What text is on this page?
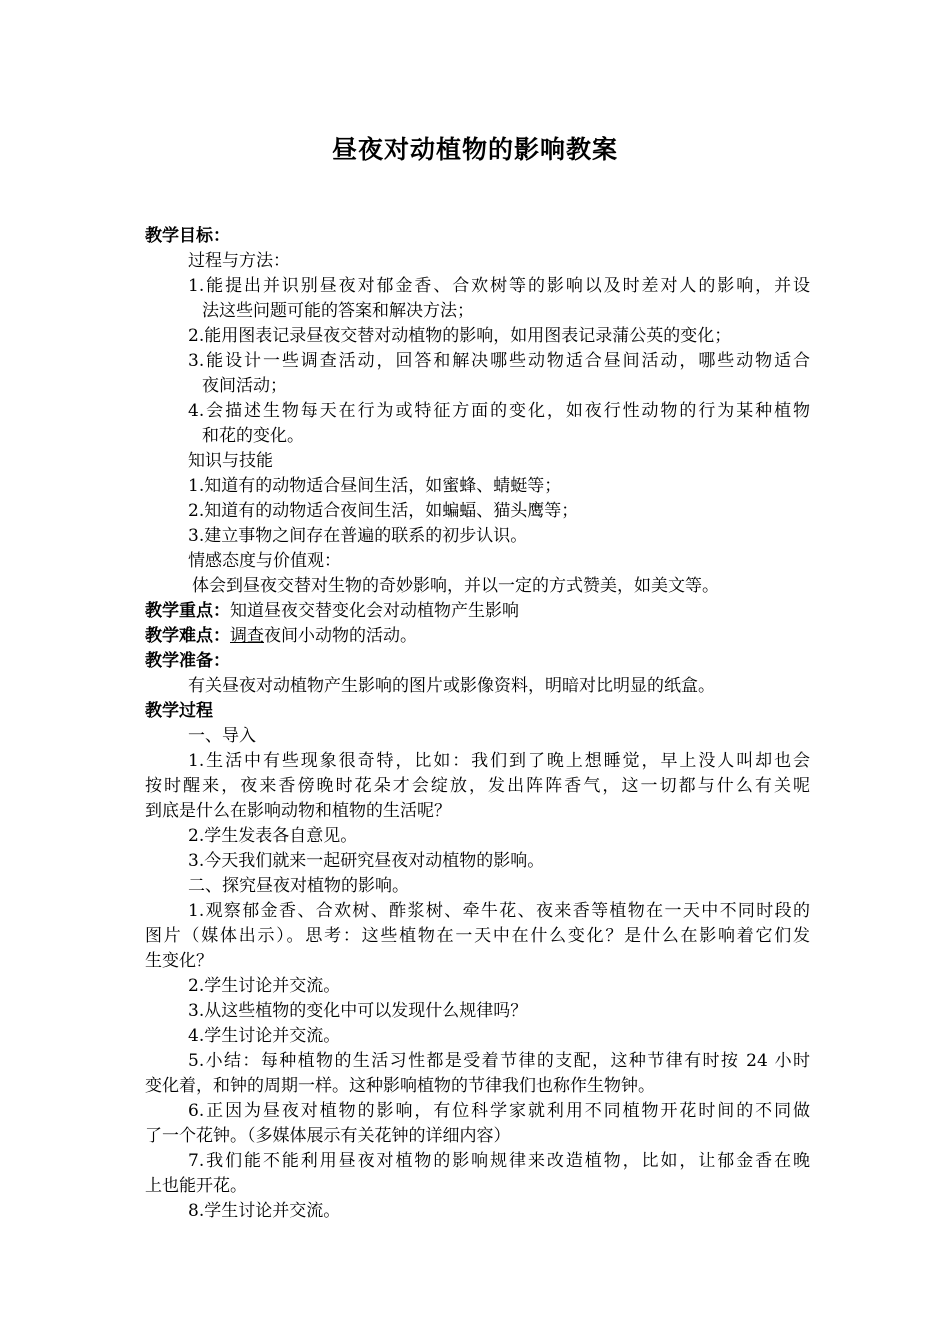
昼夜对动植物的影响教案
教学目标：
过程与方法：
1.能提出并识别昼夜对郁金香、合欢树等的影响以及时差对人的影响，并设
法这些问题可能的答案和解决方法；
2.能用图表记录昼夜交替对动植物的影响，如用图表记录蒲公英的变化；
3.能设计一些调查活动，回答和解决哪些动物适合昼间活动，哪些动物适合
夜间活动；
4.会描述生物每天在行为或特征方面的变化，如夜行性动物的行为某种植物
和花的变化。
知识与技能
1.知道有的动物适合昼间生活，如蜜蜂、蜻蜓等；
2.知道有的动物适合夜间生活，如蝙蝠、猫头鹰等；
3.建立事物之间存在普遍的联系的初步认识。
情感态度与价值观：
体会到昼夜交替对生物的奇妙影响，并以一定的方式赞美，如美文等。
教学重点：知道昼夜交替变化会对动植物产生影响
教学难点：调查夜间小动物的活动。
教学准备：
有关昼夜对动植物产生影响的图片或影像资料，明暗对比明显的纸盒。
教学过程
一、导入
1.生活中有些现象很奇特，比如：我们到了晚上想睡觉，早上没人叫却也会
按时醒来，夜来香傍晚时花朵才会绽放，发出阵阵香气，这一切都与什么有关呢
到底是什么在影响动物和植物的生活呢？
2.学生发表各自意见。
3.今天我们就来一起研究昼夜对动植物的影响。
二、探究昼夜对植物的影响。
1.观察郁金香、合欢树、酢浆树、牵牛花、夜来香等植物在一天中不同时段的
图片（媒体出示）。思考：这些植物在一天中在什么变化？是什么在影响着它们发
生变化？
2.学生讨论并交流。
3.从这些植物的变化中可以发现什么规律吗？
4.学生讨论并交流。
5.小结：每种植物的生活习性都是受着节律的支配，这种节律有时按 24 小时
变化着，和钟的周期一样。这种影响植物的节律我们也称作生物钟。
6.正因为昼夜对植物的影响，有位科学家就利用不同植物开花时间的不同做
了一个花钟。（多媒体展示有关花钟的详细内容）
7.我们能不能利用昼夜对植物的影响规律来改造植物，比如，让郁金香在晚
上也能开花。
8.学生讨论并交流。
